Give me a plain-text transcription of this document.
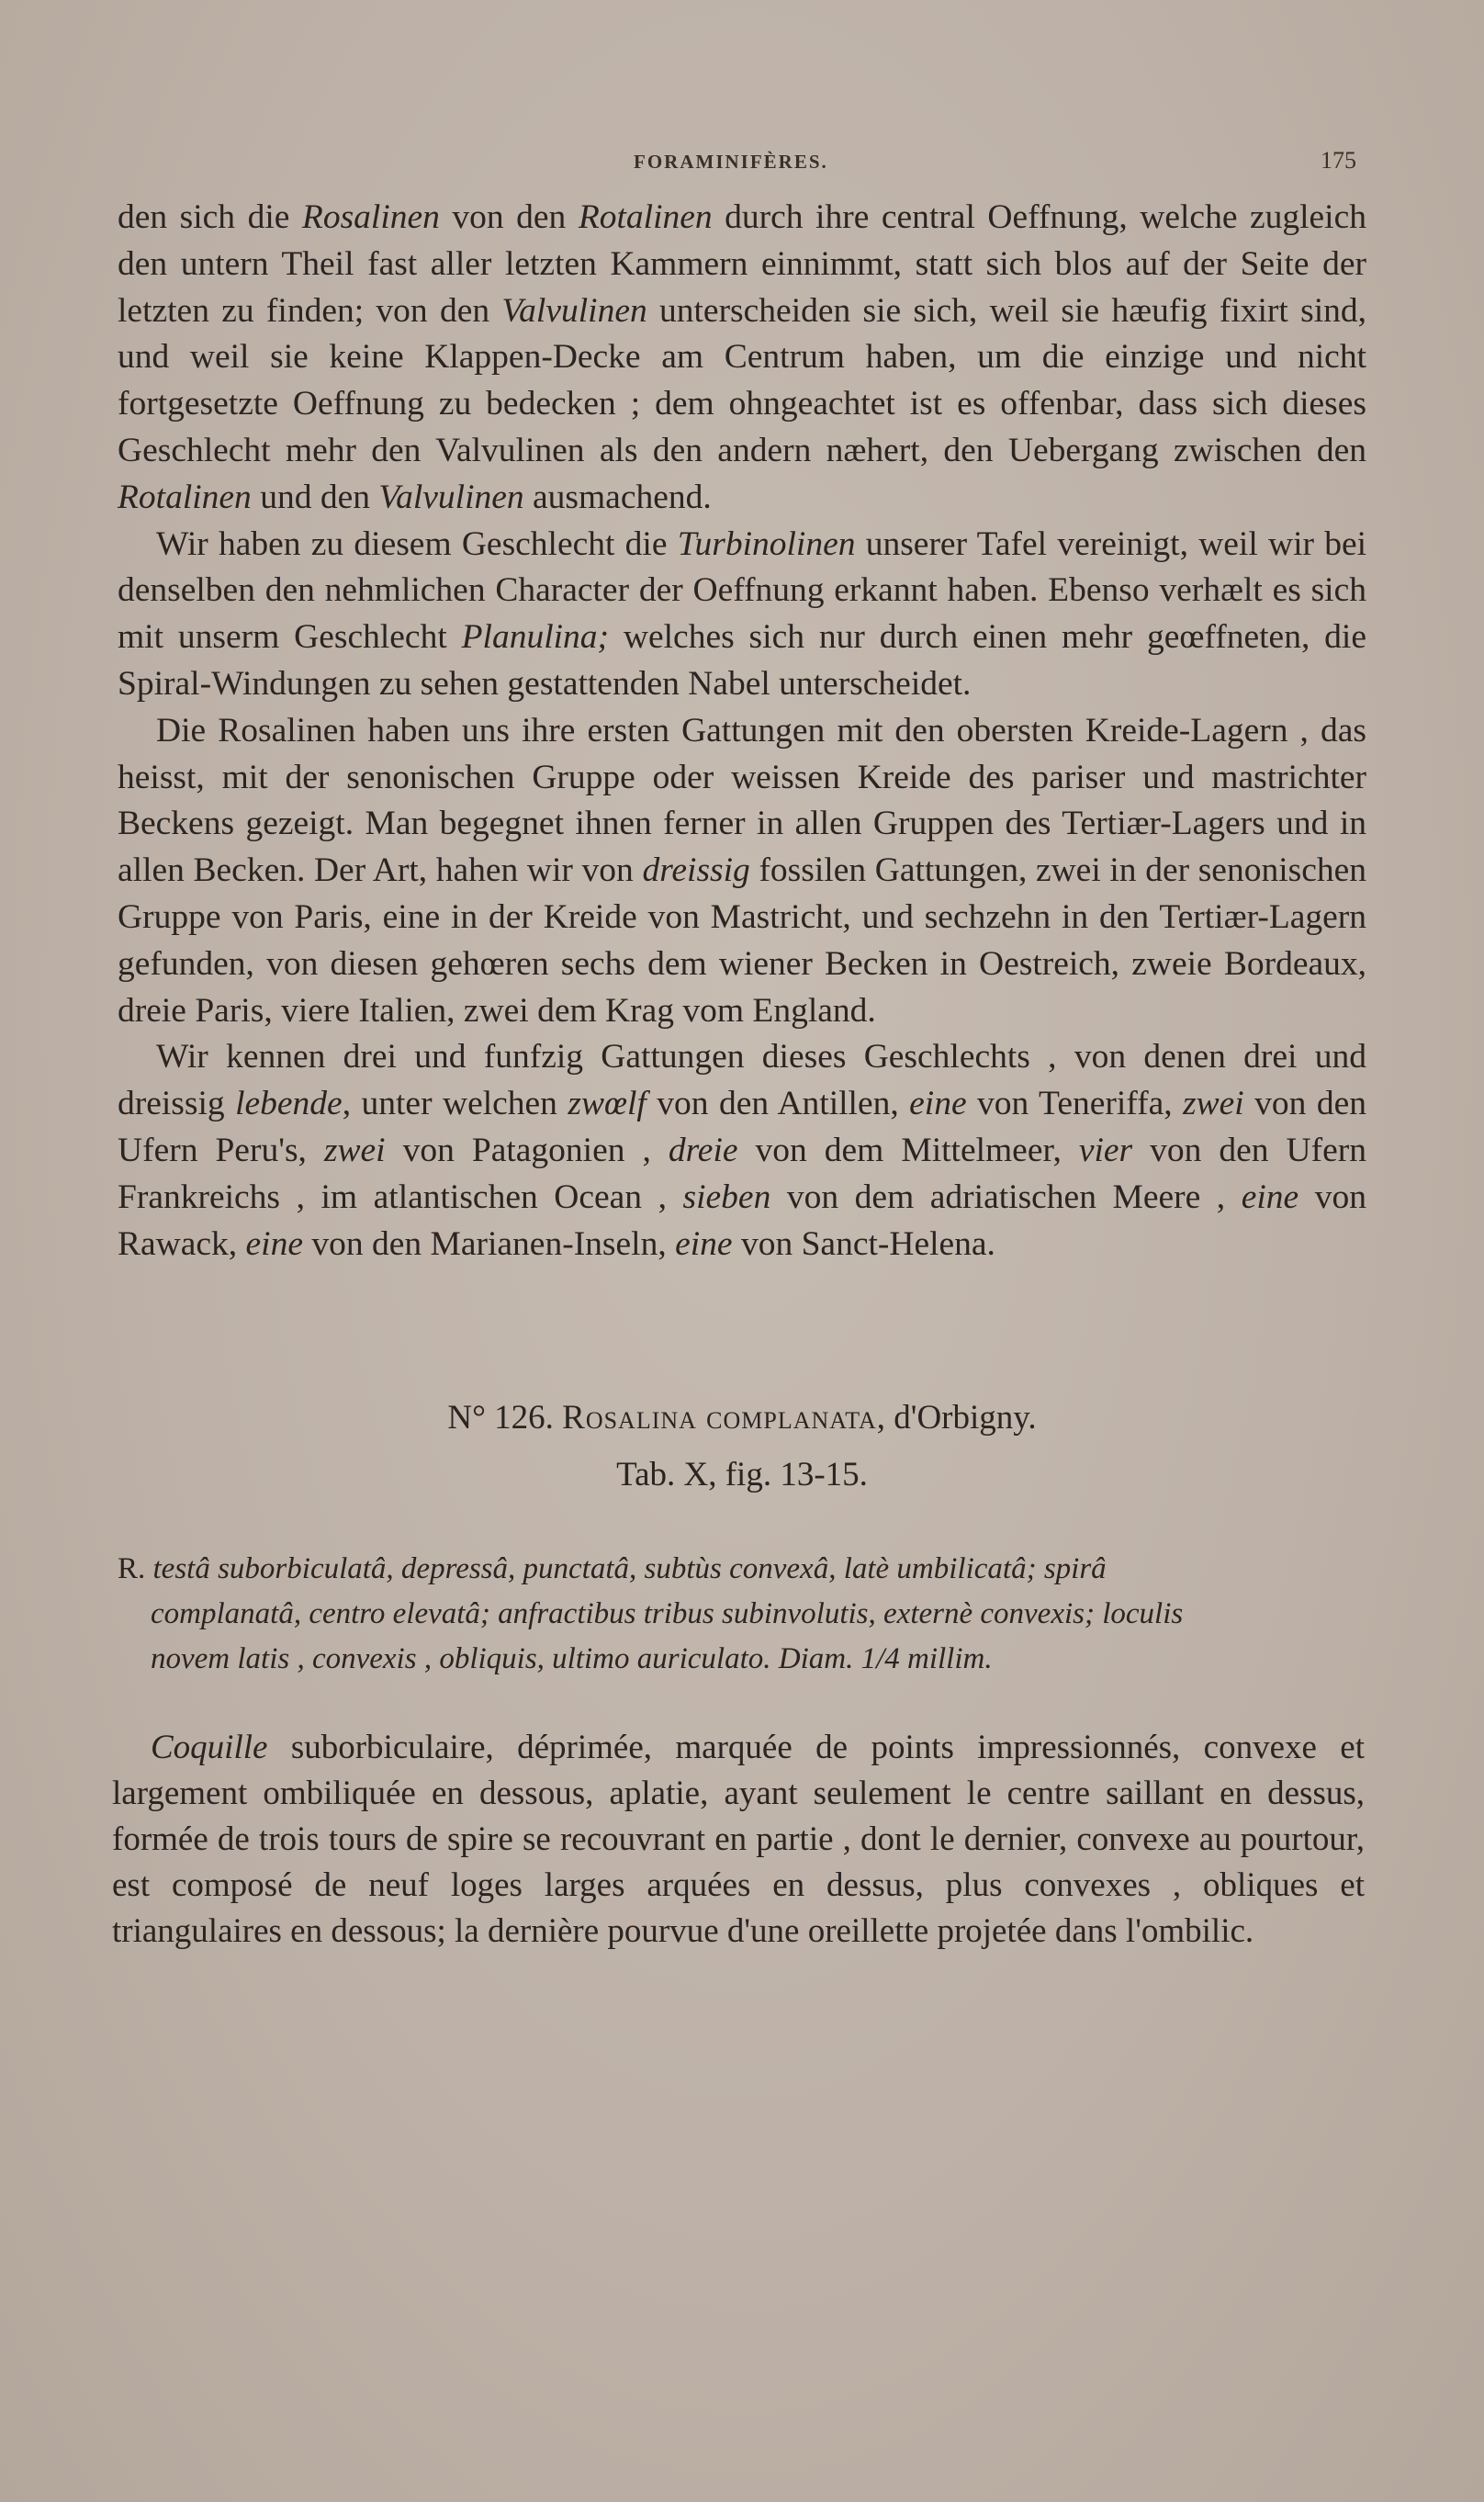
FORAMINIFÈRES.	175

den sich die Rosalinen von den Rotalinen durch ihre central Oeffnung, welche zugleich den untern Theil fast aller letzten Kammern einnimmt, statt sich blos auf der Seite der letzten zu finden; von den Valvulinen unterscheiden sie sich, weil sie hæufig fixirt sind, und weil sie keine Klappen-Decke am Centrum haben, um die einzige und nicht fortgesetzte Oeffnung zu bedecken ; dem ohngeachtet ist es offenbar, dass sich dieses Geschlecht mehr den Valvulinen als den andern næhert, den Uebergang zwischen den Rotalinen und den Valvulinen ausmachend.

Wir haben zu diesem Geschlecht die Turbinolinen unserer Tafel vereinigt, weil wir bei denselben den nehmlichen Character der Oeffnung erkannt haben. Ebenso verhælt es sich mit unserm Geschlecht Planulina; welches sich nur durch einen mehr geœffneten, die Spiral-Windungen zu sehen gestattenden Nabel unterscheidet.

Die Rosalinen haben uns ihre ersten Gattungen mit den obersten Kreide-Lagern , das heisst, mit der senonischen Gruppe oder weissen Kreide des pariser und mastrichter Beckens gezeigt. Man begegnet ihnen ferner in allen Gruppen des Tertiær-Lagers und in allen Becken. Der Art, hahen wir von dreissig fossilen Gattungen, zwei in der senonischen Gruppe von Paris, eine in der Kreide von Mastricht, und sechzehn in den Tertiær-Lagern gefunden, von diesen gehœren sechs dem wiener Becken in Oestreich, zweie Bordeaux, dreie Paris, viere Italien, zwei dem Krag vom England.

Wir kennen drei und funfzig Gattungen dieses Geschlechts , von denen drei und dreissig lebende, unter welchen zwœlf von den Antillen, eine von Teneriffa, zwei von den Ufern Peru's, zwei von Patagonien , dreie von dem Mittelmeer, vier von den Ufern Frankreichs , im atlantischen Ocean , sieben von dem adriatischen Meere , eine von Rawack, eine von den Marianen-Inseln, eine von Sanct-Helena.

N° 126. Rosalina complanata, d'Orbigny.
Tab. X, fig. 13-15.
R. testâ suborbiculatâ, depressâ, punctatâ, subtùs convexâ, latè umbilicatâ; spirâ
complanatâ, centro elevatâ; anfractibus tribus subinvolutis, externè convexis; loculis
novem latis , convexis , obliquis, ultimo auriculato. Diam. 1/4 millim.

Coquille suborbiculaire, déprimée, marquée de points impressionnés, convexe et largement ombiliquée en dessous, aplatie, ayant seulement le centre saillant en dessus, formée de trois tours de spire se recouvrant en partie , dont le dernier, convexe au pourtour, est composé de neuf loges larges arquées en dessus, plus convexes , obliques et triangulaires en dessous; la dernière pourvue d'une oreillette projetée dans l'ombilic.
